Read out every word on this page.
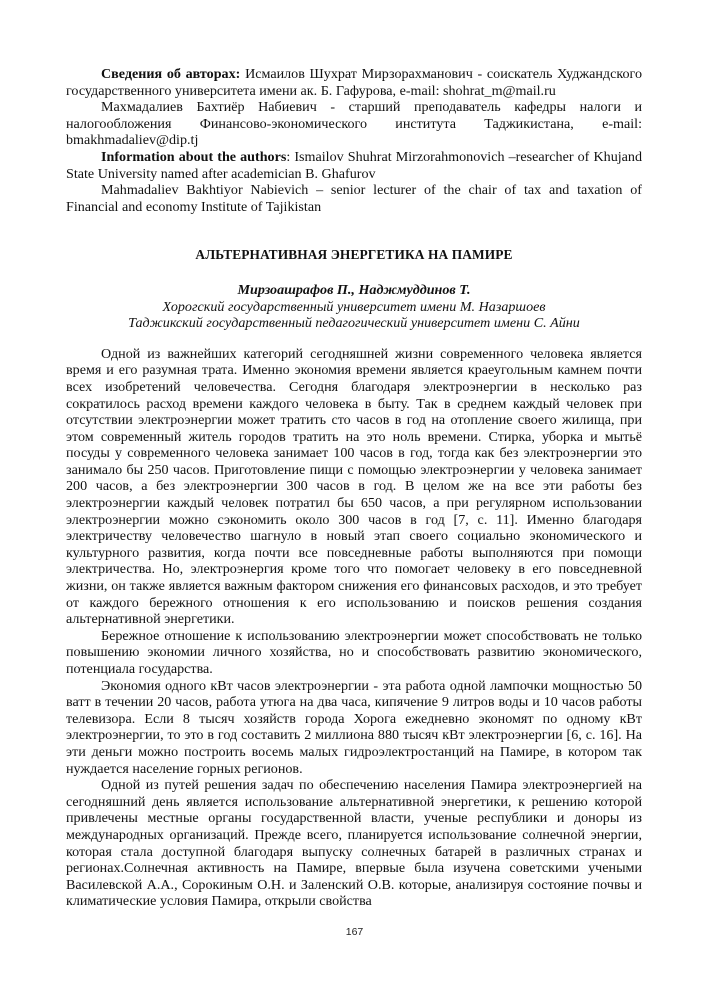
Сведения об авторах: Исмаилов Шухрат Мирзорахманович - соискатель Худжандского государственного университета имени ак. Б. Гафурова, e-mail: shohrat_m@mail.ru

Махмадалиев Бахтиёр Набиевич - старший преподаватель кафедры налоги и налогообложения Финансово-экономического института Таджикистана, e-mail: bmakhmadaliev@dip.tj

Information about the authors: Ismailov Shuhrat Mirzorahmonovich –researcher of Khujand State University named after academician B. Ghafurov

Mahmadaliev Bakhtiyor Nabievich – senior lecturer of the chair of tax and taxation of Financial and economy Institute of Tajikistan

АЛЬТЕРНАТИВНАЯ ЭНЕРГЕТИКА НА ПАМИРЕ
Мирзоашрафов П., Наджмуддинов Т.
Хорогский государственный университет имени М. Назаршоев
Таджикский государственный педагогический университет имени С. Айни

Одной из важнейших категорий сегодняшней жизни современного человека является время и его разумная трата. Именно экономия времени является краеугольным камнем почти всех изобретений человечества. Сегодня благодаря электроэнергии в несколько раз сократилось расход времени каждого человека в быту. Так в среднем каждый человек при отсутствии электроэнергии может тратить сто часов в год на отопление своего жилища, при этом современный житель городов тратить на это ноль времени. Стирка, уборка и мытьё посуды у современного человека занимает 100 часов в год, тогда как без электроэнергии это занимало бы 250 часов. Приготовление пищи с помощью электроэнергии у человека занимает 200 часов, а без электроэнергии 300 часов в год. В целом же на все эти работы без электроэнергии каждый человек потратил бы 650 часов, а при регулярном использовании электроэнергии можно сэкономить около 300 часов в год [7, с. 11]. Именно благодаря электричеству человечество шагнуло в новый этап своего социально экономического и культурного развития, когда почти все повседневные работы выполняются при помощи электричества. Но, электроэнергия кроме того что помогает человеку в его повседневной жизни, он также является важным фактором снижения его финансовых расходов, и это требует от каждого бережного отношения к его использованию и поисков решения создания альтернативной энергетики.

Бережное отношение к использованию электроэнергии может способствовать не только повышению экономии личного хозяйства, но и способствовать развитию экономического, потенциала государства.

Экономия одного кВт часов электроэнергии - эта работа одной лампочки мощностью 50 ватт в течении 20 часов, работа утюга на два часа, кипячение 9 литров воды и 10 часов работы телевизора. Если 8 тысяч хозяйств города Хорога ежедневно экономят по одному кВт электроэнергии, то это в год составить 2 миллиона 880 тысяч кВт электроэнергии [6, с. 16]. На эти деньги можно построить восемь малых гидроэлектростанций на Памире, в котором так нуждается население горных регионов.

Одной из путей решения задач по обеспечению населения Памира электроэнергией на сегодняшний день является использование альтернативной энергетики, к решению которой привлечены местные органы государственной власти, ученые республики и доноры из международных организаций. Прежде всего, планируется использование солнечной энергии, которая стала доступной благодаря выпуску солнечных батарей в различных странах и регионах.Солнечная активность на Памире, впервые была изучена советскими учеными Василевской А.А., Сорокиным О.Н. и Заленский О.В. которые, анализируя состояние почвы и климатические условия Памира, открыли свойства

167
